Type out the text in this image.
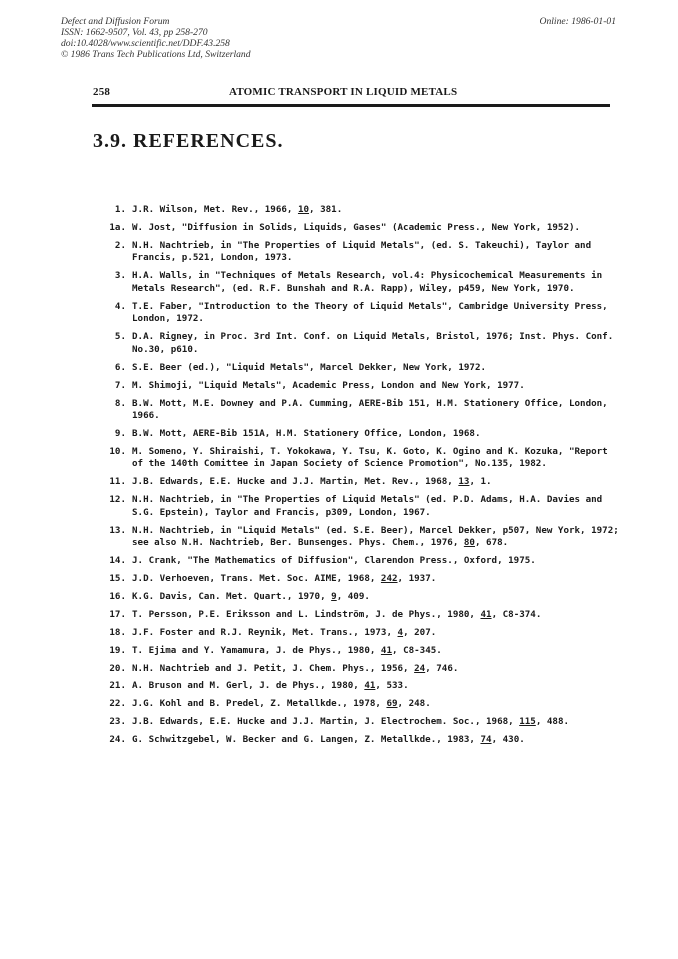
Defect and Diffusion Forum
ISSN: 1662-9507, Vol. 43, pp 258-270
doi:10.4028/www.scientific.net/DDF.43.258
© 1986 Trans Tech Publications Ltd, Switzerland
Online: 1986-01-01
258	ATOMIC TRANSPORT IN LIQUID METALS
3.9. REFERENCES.
1. J.R. Wilson, Met. Rev., 1966, 10, 381.
1a. W. Jost, "Diffusion in Solids, Liquids, Gases" (Academic Press., New York, 1952).
2. N.H. Nachtrieb, in "The Properties of Liquid Metals", (ed. S. Takeuchi), Taylor and Francis, p.521, London, 1973.
3. H.A. Walls, in "Techniques of Metals Research, vol.4: Physicochemical Measurements in Metals Research", (ed. R.F. Bunshah and R.A. Rapp), Wiley, p459, New York, 1970.
4. T.E. Faber, "Introduction to the Theory of Liquid Metals", Cambridge University Press, London, 1972.
5. D.A. Rigney, in Proc. 3rd Int. Conf. on Liquid Metals, Bristol, 1976; Inst. Phys. Conf. No.30, p610.
6. S.E. Beer (ed.), "Liquid Metals", Marcel Dekker, New York, 1972.
7. M. Shimoji, "Liquid Metals", Academic Press, London and New York, 1977.
8. B.W. Mott, M.E. Downey and P.A. Cumming, AERE-Bib 151, H.M. Stationery Office, London, 1966.
9. B.W. Mott, AERE-Bib 151A, H.M. Stationery Office, London, 1968.
10. M. Someno, Y. Shiraishi, T. Yokokawa, Y. Tsu, K. Goto, K. Ogino and K. Kozuka, "Report of the 140th Comittee in Japan Society of Science Promotion", No.135, 1982.
11. J.B. Edwards, E.E. Hucke and J.J. Martin, Met. Rev., 1968, 13, 1.
12. N.H. Nachtrieb, in "The Properties of Liquid Metals" (ed. P.D. Adams, H.A. Davies and S.G. Epstein), Taylor and Francis, p309, London, 1967.
13. N.H. Nachtrieb, in "Liquid Metals" (ed. S.E. Beer), Marcel Dekker, p507, New York, 1972; see also N.H. Nachtrieb, Ber. Bunsenges. Phys. Chem., 1976, 80, 678.
14. J. Crank, "The Mathematics of Diffusion", Clarendon Press., Oxford, 1975.
15. J.D. Verhoeven, Trans. Met. Soc. AIME, 1968, 242, 1937.
16. K.G. Davis, Can. Met. Quart., 1970, 9, 409.
17. T. Persson, P.E. Eriksson and L. Lindström, J. de Phys., 1980, 41, C8-374.
18. J.F. Foster and R.J. Reynik, Met. Trans., 1973, 4, 207.
19. T. Ejima and Y. Yamamura, J. de Phys., 1980, 41, C8-345.
20. N.H. Nachtrieb and J. Petit, J. Chem. Phys., 1956, 24, 746.
21. A. Bruson and M. Gerl, J. de Phys., 1980, 41, 533.
22. J.G. Kohl and B. Predel, Z. Metallkde., 1978, 69, 248.
23. J.B. Edwards, E.E. Hucke and J.J. Martin, J. Electrochem. Soc., 1968, 115, 488.
24. G. Schwitzgebel, W. Becker and G. Langen, Z. Metallkde., 1983, 74, 430.
